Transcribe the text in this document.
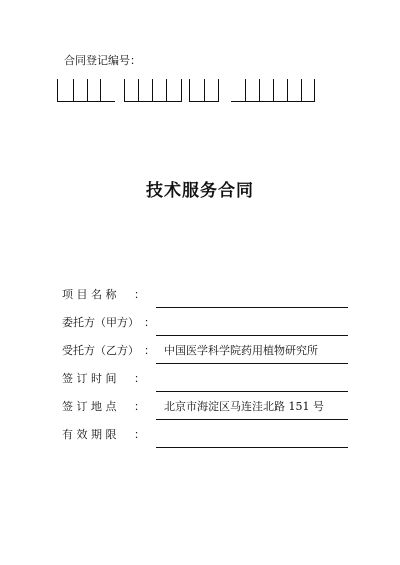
合同登记编号：
技术服务合同
项 目 名 称 ：
委托方（甲方） ：
受托方（乙方） ： 中国医学科学院药用植物研究所
签 订 时 间 ：
签 订 地 点 ： 北京市海淀区马连洼北路 151 号
有 效 期 限 ：
